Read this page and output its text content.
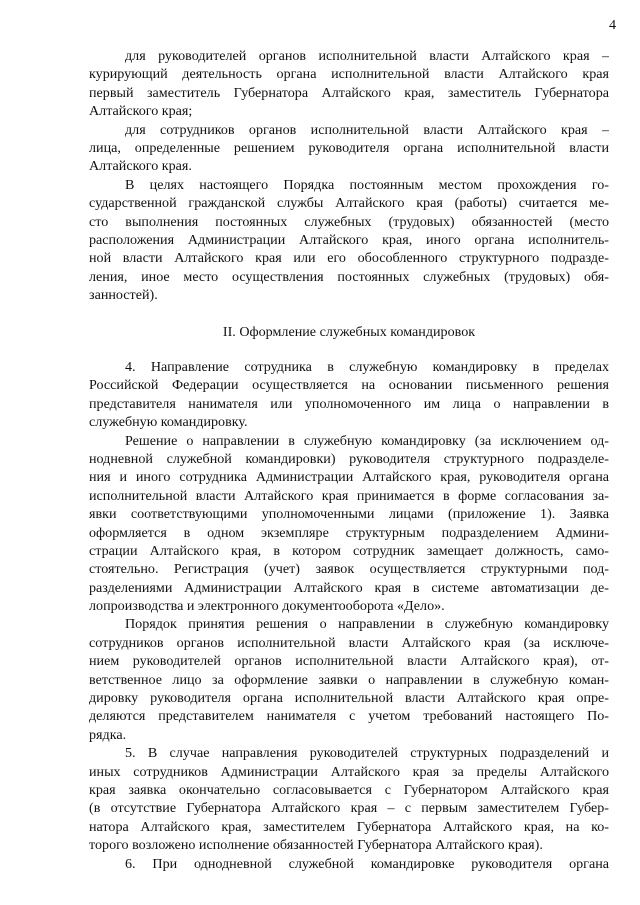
4
для руководителей органов исполнительной власти Алтайского края –
курирующий деятельность органа исполнительной власти Алтайского края
первый заместитель Губернатора Алтайского края, заместитель Губернатора
Алтайского края;
для сотрудников органов исполнительной власти Алтайского края –
лица, определенные решением руководителя органа исполнительной власти
Алтайского края.
В целях настоящего Порядка постоянным местом прохождения го-
сударственной гражданской службы Алтайского края (работы) считается ме-
сто выполнения постоянных служебных (трудовых) обязанностей (место
расположения Администрации Алтайского края, иного органа исполнитель-
ной власти Алтайского края или его обособленного структурного подразде-
ления, иное место осуществления постоянных служебных (трудовых) обя-
занностей).
II. Оформление служебных командировок
4. Направление сотрудника в служебную командировку в пределах
Российской Федерации осуществляется на основании письменного решения
представителя нанимателя или уполномоченного им лица о направлении в
служебную командировку.
Решение о направлении в служебную командировку (за исключением од-
нодневной служебной командировки) руководителя структурного подразделе-
ния и иного сотрудника Администрации Алтайского края, руководителя органа
исполнительной власти Алтайского края принимается в форме согласования за-
явки соответствующими уполномоченными лицами (приложение 1). Заявка
оформляется в одном экземпляре структурным подразделением Админи-
страции Алтайского края, в котором сотрудник замещает должность, само-
стоятельно. Регистрация (учет) заявок осуществляется структурными под-
разделениями Администрации Алтайского края в системе автоматизации де-
лопроизводства и электронного документооборота «Дело».
Порядок принятия решения о направлении в служебную командировку
сотрудников органов исполнительной власти Алтайского края (за исключе-
нием руководителей органов исполнительной власти Алтайского края), от-
ветственное лицо за оформление заявки о направлении в служебную коман-
дировку руководителя органа исполнительной власти Алтайского края опре-
деляются представителем нанимателя с учетом требований настоящего По-
рядка.
5. В случае направления руководителей структурных подразделений и
иных сотрудников Администрации Алтайского края за пределы Алтайского
края заявка окончательно согласовывается с Губернатором Алтайского края
(в отсутствие Губернатора Алтайского края – с первым заместителем Губер-
натора Алтайского края, заместителем Губернатора Алтайского края, на ко-
торого возложено исполнение обязанностей Губернатора Алтайского края).
6. При однодневной служебной командировке руководителя органа
